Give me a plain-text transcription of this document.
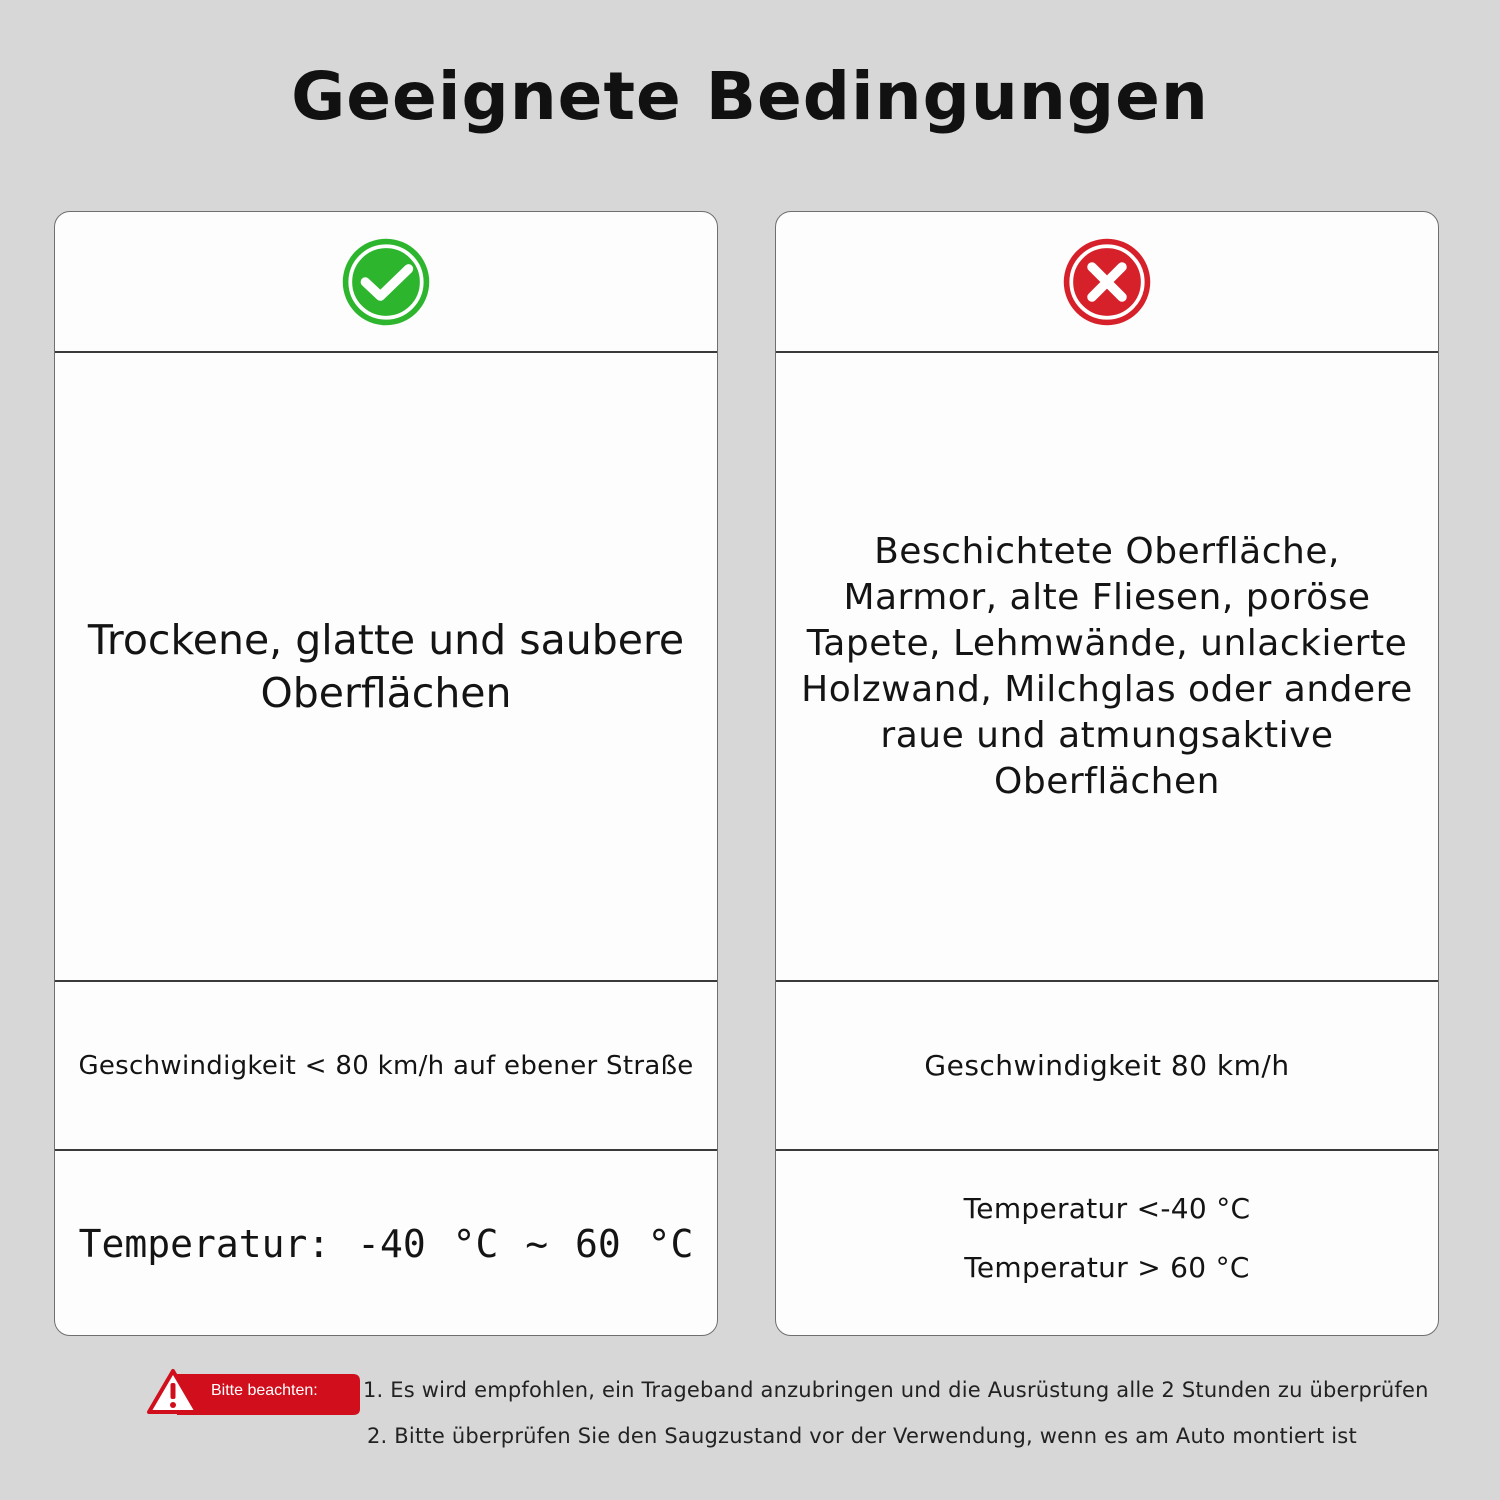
Geeignete Bedingungen
Trockene, glatte und saubere Oberflächen
Geschwindigkeit < 80 km/h auf ebener Straße
Temperatur: -40 °C ~ 60 °C
Beschichtete Oberfläche, Marmor, alte Fliesen, poröse Tapete, Lehmwände, unlackierte Holzwand, Milchglas oder andere raue und atmungsaktive Oberflächen
Geschwindigkeit 80 km/h
Temperatur <-40 °C
Temperatur > 60 °C
Bitte beachten: 1. Es wird empfohlen, ein Trageband anzubringen und die Ausrüstung alle 2 Stunden zu überprüfen
2. Bitte überprüfen Sie den Saugzustand vor der Verwendung, wenn es am Auto montiert ist
